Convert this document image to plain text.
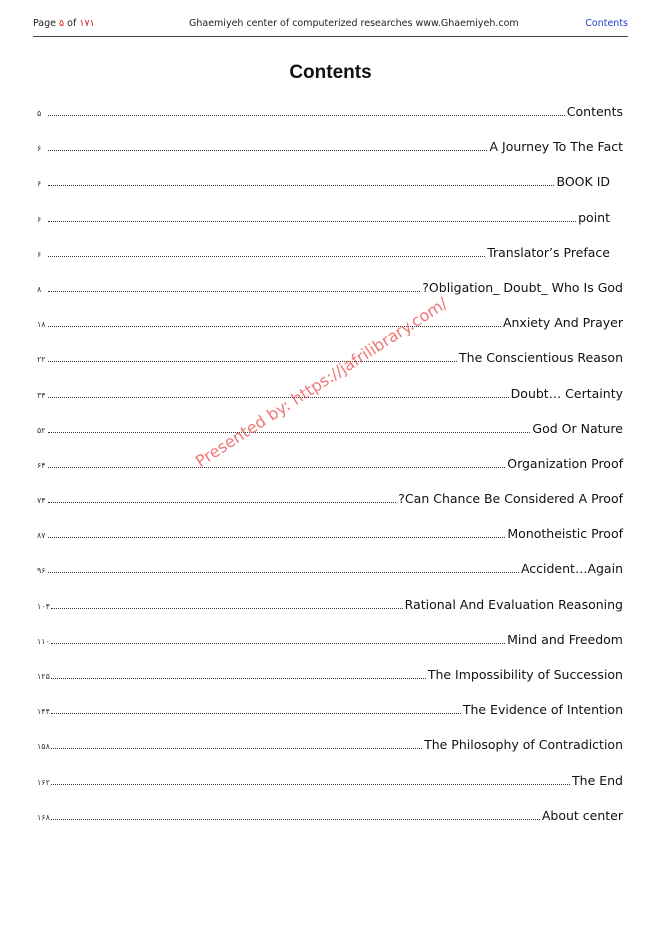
Page ۵ of ۱۷۱	Ghaemiyeh center of computerized researches www.Ghaemiyeh.com	Contents
Contents
۵	Contents
۶	A Journey To The Fact
۶	BOOK ID
۶	point
۶	Translator’s Preface
۸	?Obligation_ Doubt_ Who Is God
۱۸	Anxiety And Prayer
۲۲	The Conscientious Reason
۳۴	Doubt… Certainty
۵۲	God Or Nature
۶۴	Organization Proof
۷۴	?Can Chance Be Considered A Proof
۸۷	Monotheistic Proof
۹۶	Accident…Again
۱۰۴	Rational And Evaluation Reasoning
۱۱۰	Mind and Freedom
۱۲۵	The Impossibility of Succession
۱۴۴	The Evidence of Intention
۱۵۸	The Philosophy of Contradiction
۱۶۲	The End
۱۶۸	About center
Presented by: https://jafrilibrary.com/
